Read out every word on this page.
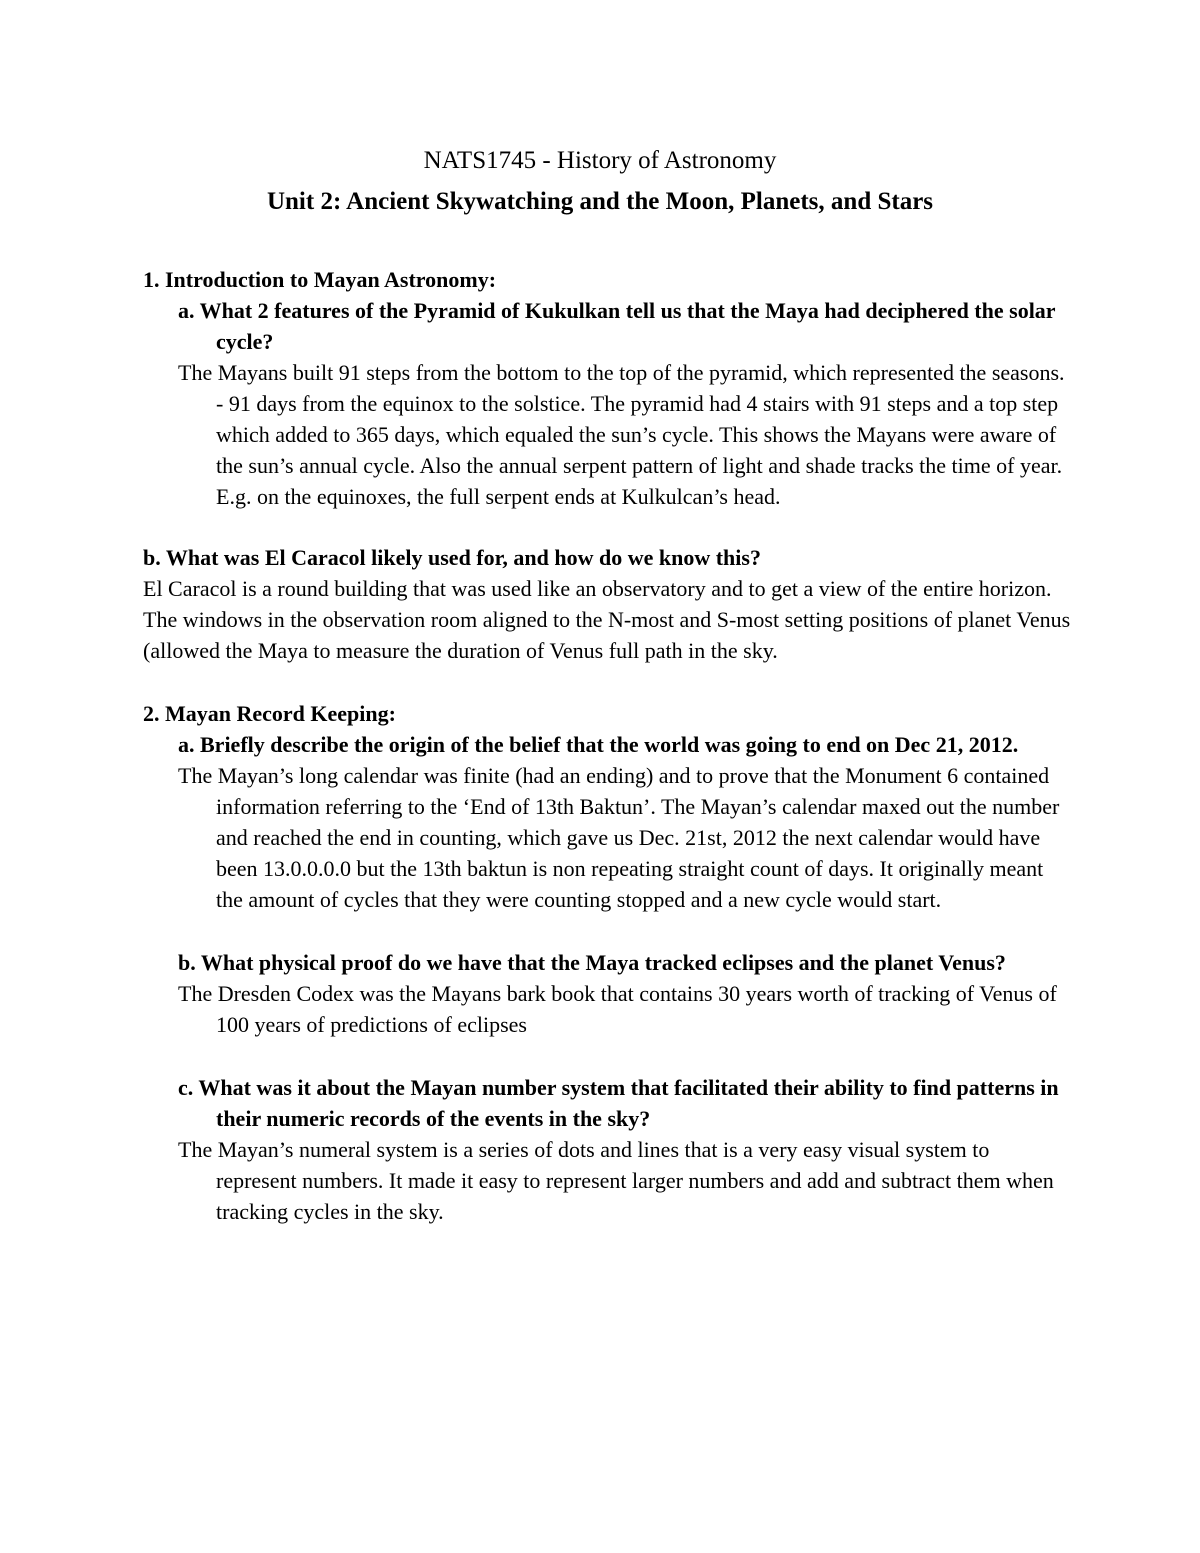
NATS1745 - History of Astronomy
Unit 2: Ancient Skywatching and the Moon, Planets, and Stars

1. Introduction to Mayan Astronomy:

a. What 2 features of the Pyramid of Kukulkan tell us that the Maya had deciphered the solar cycle?

The Mayans built 91 steps from the bottom to the top of the pyramid, which represented the seasons. - 91 days from the equinox to the solstice. The pyramid had 4 stairs with 91 steps and a top step which added to 365 days, which equaled the sun’s cycle. This shows the Mayans were aware of the sun’s annual cycle. Also the annual serpent pattern of light and shade tracks the time of year. E.g. on the equinoxes, the full serpent ends at Kulkulcan’s head.

b. What was El Caracol likely used for, and how do we know this?

El Caracol is a round building that was used like an observatory and to get a view of the entire horizon. The windows in the observation room aligned to the N-most and S-most setting positions of planet Venus (allowed the Maya to measure the duration of Venus full path in the sky.

2. Mayan Record Keeping:

a. Briefly describe the origin of the belief that the world was going to end on Dec 21, 2012.

The Mayan’s long calendar was finite (had an ending) and to prove that the Monument 6 contained information referring to the ‘End of 13th Baktun’. The Mayan’s calendar maxed out the number and reached the end in counting, which gave us Dec. 21st, 2012 the next calendar would have been 13.0.0.0.0 but the 13th baktun is non repeating straight count of days. It originally meant the amount of cycles that they were counting stopped and a new cycle would start.

b. What physical proof do we have that the Maya tracked eclipses and the planet Venus?

The Dresden Codex was the Mayans bark book that contains 30 years worth of tracking of Venus of 100 years of predictions of eclipses

c. What was it about the Mayan number system that facilitated their ability to find patterns in their numeric records of the events in the sky?

The Mayan’s numeral system is a series of dots and lines that is a very easy visual system to represent numbers. It made it easy to represent larger numbers and add and subtract them when tracking cycles in the sky.
